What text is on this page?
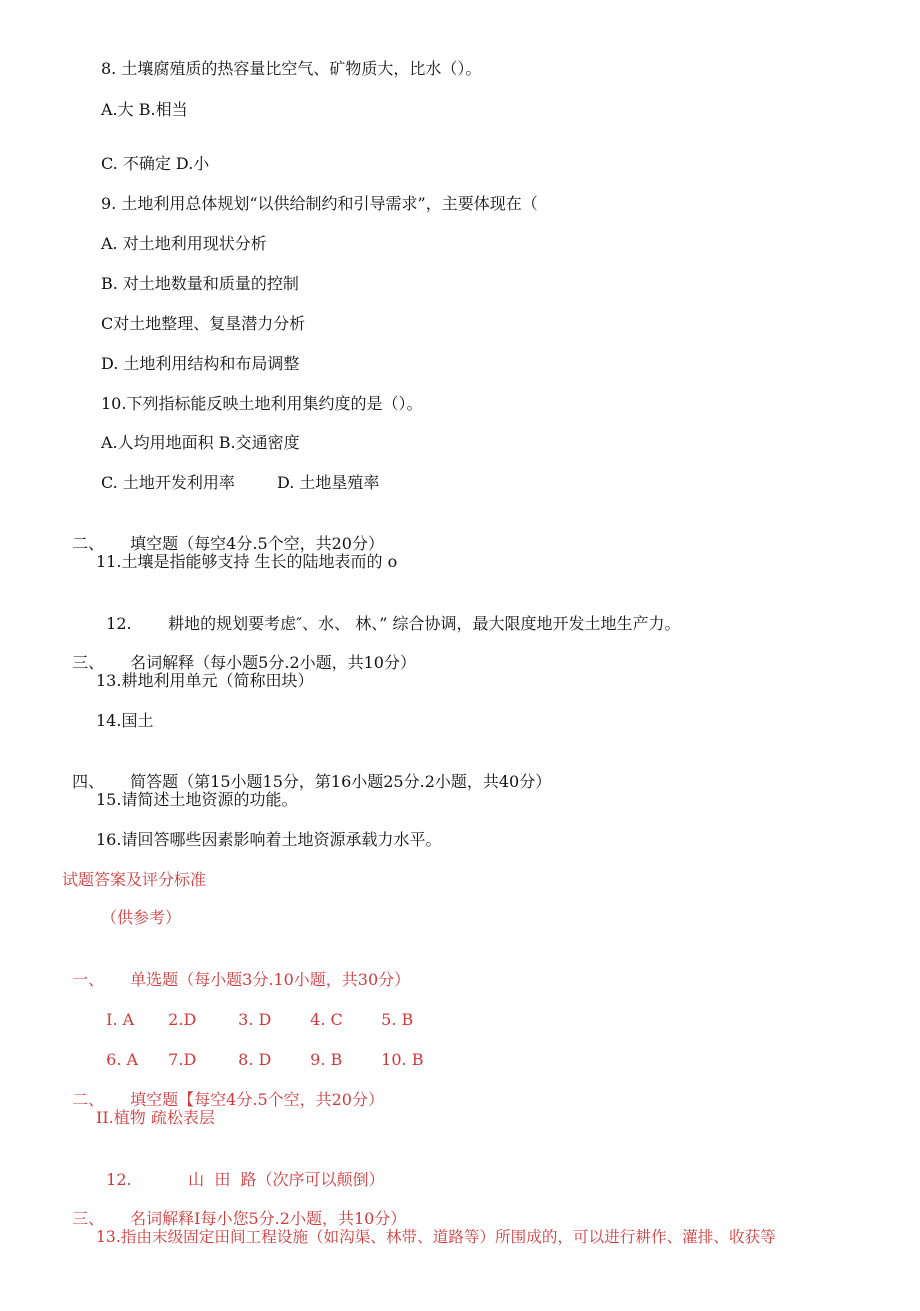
8. 土壤腐殖质的热容量比空气、矿物质大，比水（）。
A.大 B.相当
C. 不确定 D.小
9. 土地利用总体规划“以供给制约和引导需求”，主要体现在（
A. 对土地利用现状分析
B. 对土地数量和质量的控制
C对土地整理、复垦潜力分析
D. 土地利用结构和布局调整
10.下列指标能反映土地利用集约度的是（）。
A.人均用地面积 B.交通密度
C. 土地开发利用率	D. 土地垦殖率

二、 填空题（每空4分.5个空，共20分）

11.土壤是指能够支持 生长的陆地表而的 o

12. 耕地的规划要考虑″、水、 林、” 综合协调，最大限度地开发土地生产力。

三、 名词解释（每小题5分.2小题，共10分）

13.耕地利用单元（简称田块）
14.国土

四、 简答题（第15小题15分，第16小题25分.2小题，共40分）

15.请简述土地资源的功能。
16.请回答哪些因素影响着土地资源承载力水平。
试题答案及评分标准
（供参考）

一、 单选题（每小题3分.10小题，共30分）

I. A 2.D	3. D 4. C 5. B

6. A 7.D	8. D 9. B 10. B

二、 填空题【每空4分.5个空，共20分）

II.植物 疏松表层

12.	山  田  路（次序可以颠倒）

三、 名词解释I每小您5分.2小题，共10分）

13.指由末级固定田间工程设施（如沟渠、林带、道路等）所围成的，可以进行耕作、灌排、收获等
